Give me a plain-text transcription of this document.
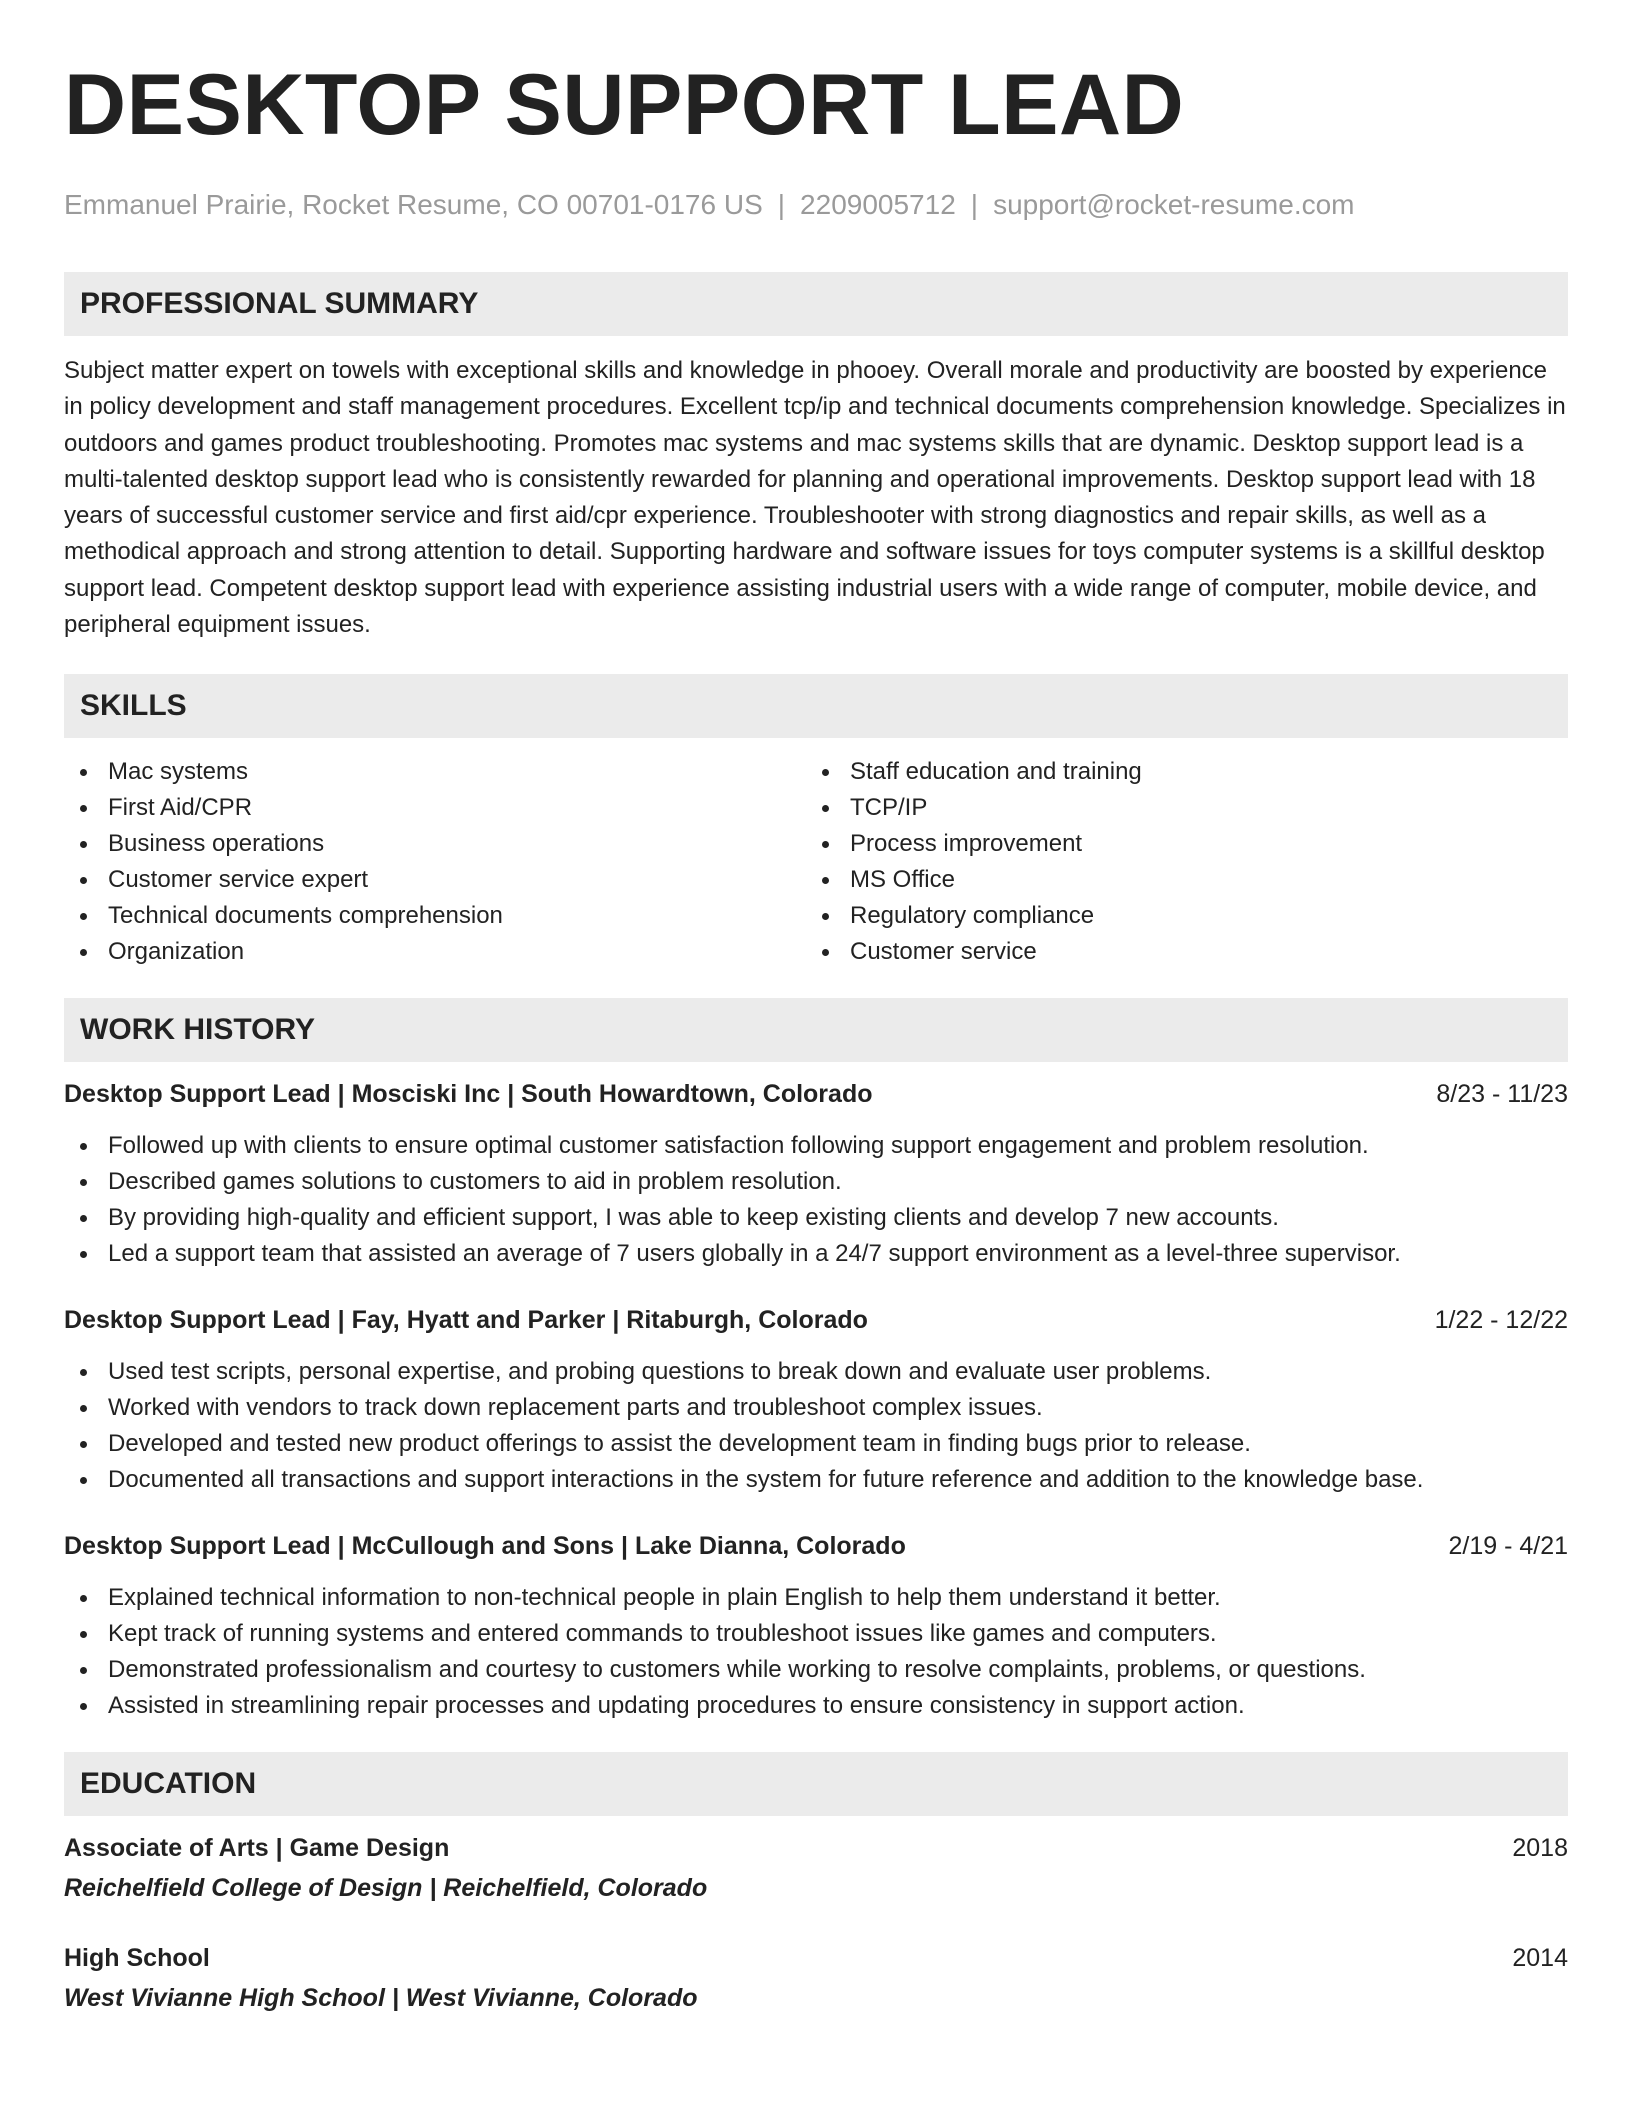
DESKTOP SUPPORT LEAD
Emmanuel Prairie, Rocket Resume, CO 00701-0176 US | 2209005712 | support@rocket-resume.com
PROFESSIONAL SUMMARY
Subject matter expert on towels with exceptional skills and knowledge in phooey. Overall morale and productivity are boosted by experience in policy development and staff management procedures. Excellent tcp/ip and technical documents comprehension knowledge. Specializes in outdoors and games product troubleshooting. Promotes mac systems and mac systems skills that are dynamic. Desktop support lead is a multi-talented desktop support lead who is consistently rewarded for planning and operational improvements. Desktop support lead with 18 years of successful customer service and first aid/cpr experience. Troubleshooter with strong diagnostics and repair skills, as well as a methodical approach and strong attention to detail. Supporting hardware and software issues for toys computer systems is a skillful desktop support lead. Competent desktop support lead with experience assisting industrial users with a wide range of computer, mobile device, and peripheral equipment issues.
SKILLS
Mac systems
First Aid/CPR
Business operations
Customer service expert
Technical documents comprehension
Organization
Staff education and training
TCP/IP
Process improvement
MS Office
Regulatory compliance
Customer service
WORK HISTORY
Desktop Support Lead | Mosciski Inc | South Howardtown, Colorado	8/23 - 11/23
Followed up with clients to ensure optimal customer satisfaction following support engagement and problem resolution.
Described games solutions to customers to aid in problem resolution.
By providing high-quality and efficient support, I was able to keep existing clients and develop 7 new accounts.
Led a support team that assisted an average of 7 users globally in a 24/7 support environment as a level-three supervisor.
Desktop Support Lead | Fay, Hyatt and Parker | Ritaburgh, Colorado	1/22 - 12/22
Used test scripts, personal expertise, and probing questions to break down and evaluate user problems.
Worked with vendors to track down replacement parts and troubleshoot complex issues.
Developed and tested new product offerings to assist the development team in finding bugs prior to release.
Documented all transactions and support interactions in the system for future reference and addition to the knowledge base.
Desktop Support Lead | McCullough and Sons | Lake Dianna, Colorado	2/19 - 4/21
Explained technical information to non-technical people in plain English to help them understand it better.
Kept track of running systems and entered commands to troubleshoot issues like games and computers.
Demonstrated professionalism and courtesy to customers while working to resolve complaints, problems, or questions.
Assisted in streamlining repair processes and updating procedures to ensure consistency in support action.
EDUCATION
Associate of Arts | Game Design	2018
Reichelfield College of Design | Reichelfield, Colorado
High School	2014
West Vivianne High School | West Vivianne, Colorado
